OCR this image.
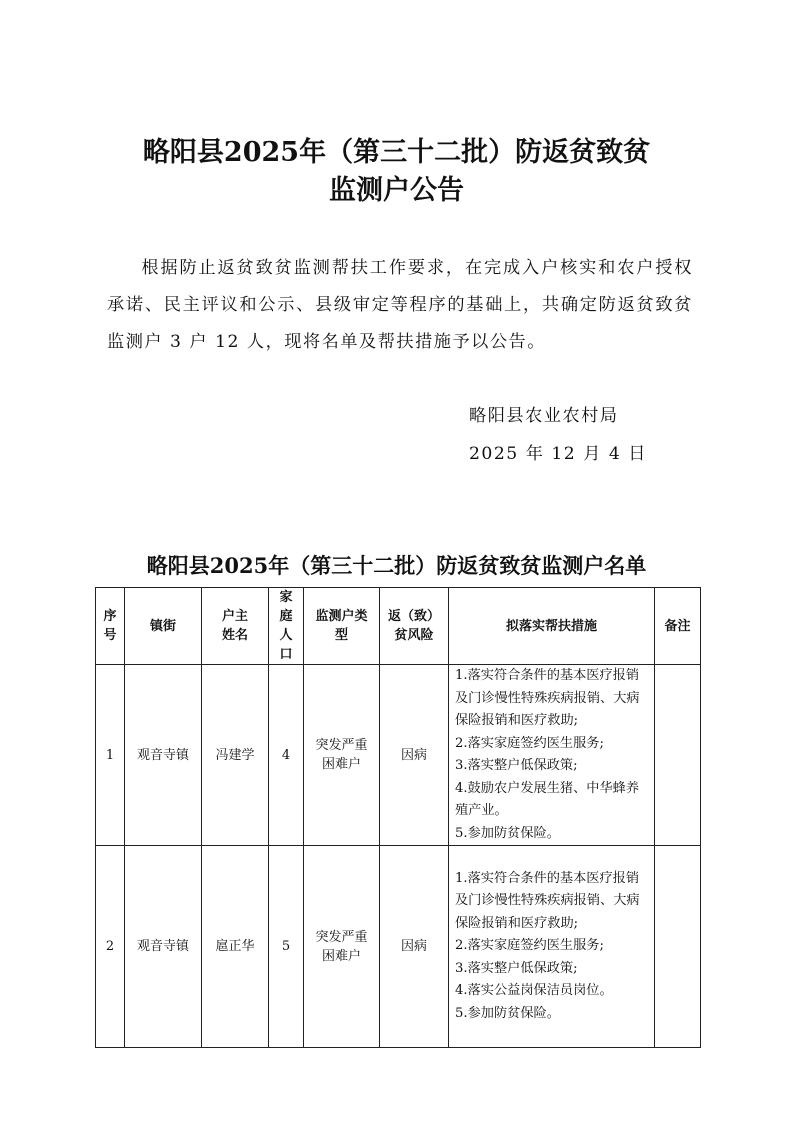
略阳县2025年（第三十二批）防返贫致贫
监测户公告
根据防止返贫致贫监测帮扶工作要求，在完成入户核实和农户授权承诺、民主评议和公示、县级审定等程序的基础上，共确定防返贫致贫监测户 3 户 12 人，现将名单及帮扶措施予以公告。
略阳县农业农村局
2025 年 12 月 4 日
略阳县2025年（第三十二批）防返贫致贫监测户名单
序号	镇街	户主姓名	家庭人口	监测户类型	返（致）贫风险	拟落实帮扶措施	备注
1	观音寺镇	冯建学	4	突发严重困难户	因病	1.落实符合条件的基本医疗报销及门诊慢性特殊疾病报销、大病保险报销和医疗救助;
2.落实家庭签约医生服务;
3.落实整户低保政策;
4.鼓励农户发展生猪、中华蜂养殖产业。
5.参加防贫保险。	

2	观音寺镇	扈正华	5	突发严重困难户	因病	1.落实符合条件的基本医疗报销及门诊慢性特殊疾病报销、大病保险报销和医疗救助;
2.落实家庭签约医生服务;
3.落实整户低保政策;
4.落实公益岗保洁员岗位。
5.参加防贫保险。	
